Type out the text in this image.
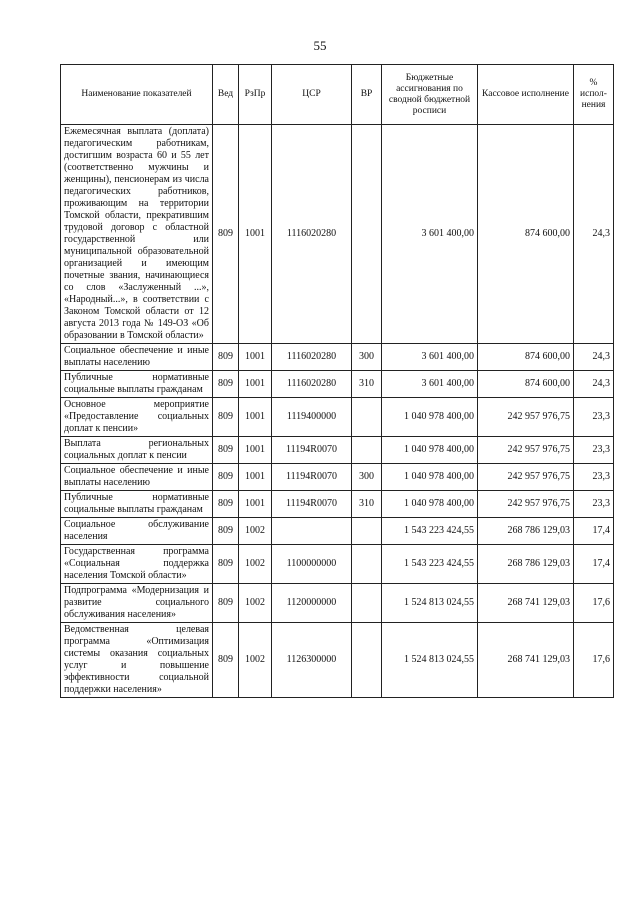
55
Наименование показателей	Вед	РзПр	ЦСР	ВР	Бюджетные ассигнования по сводной бюджетной росписи	Кассовое исполнение	% испол-нения
Ежемесячная выплата (доплата) педагогическим работникам, достигшим возраста 60 и 55 лет (соответственно мужчины и женщины), пенсионерам из числа педагогических работников, проживающим на территории Томской области, прекратившим трудовой договор с областной государственной или муниципальной образовательной организацией и имеющим почетные звания, начинающиеся со слов «Заслуженный ...», «Народный...», в соответствии с Законом Томской области от 12 августа 2013 года № 149-ОЗ «Об образовании в Томской области»	809	1001	1116020280		3 601 400,00	874 600,00	24,3
Социальное обеспечение и иные выплаты населению	809	1001	1116020280	300	3 601 400,00	874 600,00	24,3
Публичные нормативные социальные выплаты гражданам	809	1001	1116020280	310	3 601 400,00	874 600,00	24,3
Основное мероприятие «Предоставление социальных доплат к пенсии»	809	1001	1119400000		1 040 978 400,00	242 957 976,75	23,3
Выплата региональных социальных доплат к пенсии	809	1001	11194R0070		1 040 978 400,00	242 957 976,75	23,3
Социальное обеспечение и иные выплаты населению	809	1001	11194R0070	300	1 040 978 400,00	242 957 976,75	23,3
Публичные нормативные социальные выплаты гражданам	809	1001	11194R0070	310	1 040 978 400,00	242 957 976,75	23,3
Социальное обслуживание населения	809	1002			1 543 223 424,55	268 786 129,03	17,4
Государственная программа «Социальная поддержка населения Томской области»	809	1002	1100000000		1 543 223 424,55	268 786 129,03	17,4
Подпрограмма «Модернизация и развитие социального обслуживания населения»	809	1002	1120000000		1 524 813 024,55	268 741 129,03	17,6
Ведомственная целевая программа «Оптимизация системы оказания социальных услуг и повышение эффективности социальной поддержки населения»	809	1002	1126300000		1 524 813 024,55	268 741 129,03	17,6
